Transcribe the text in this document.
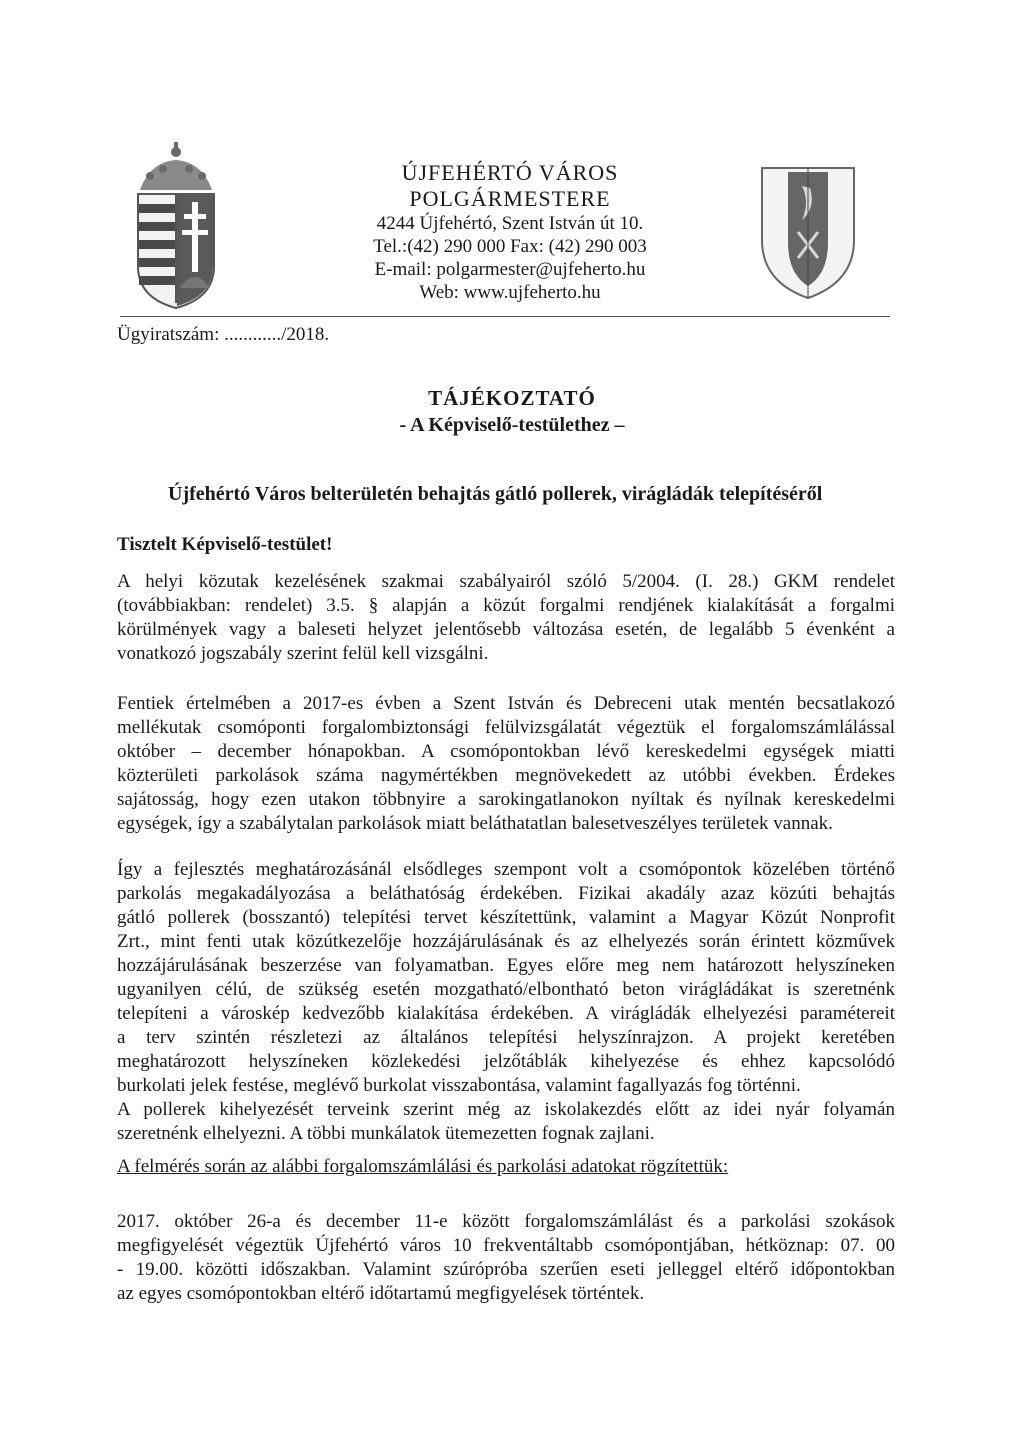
ÚJFEHÉRTÓ VÁROS
POLGÁRMESTERE
4244 Újfehértó, Szent István út 10.
Tel.:(42) 290 000 Fax: (42) 290 003
E-mail: polgarmester@ujfeherto.hu
Web: www.ujfeherto.hu
Ügyiratszám: ............/2018.
TÁJÉKOZTATÓ
- A Képviselő-testülethez –
Újfehértó Város belterületén behajtás gátló pollerek, virágládák telepítéséről
Tisztelt Képviselő-testület!
A helyi közutak kezelésének szakmai szabályairól szóló 5/2004. (I. 28.) GKM rendelet
(továbbiakban: rendelet) 3.5. § alapján a közút forgalmi rendjének kialakítását a forgalmi
körülmények vagy a baleseti helyzet jelentősebb változása esetén, de legalább 5 évenként a
vonatkozó jogszabály szerint felül kell vizsgálni.
Fentiek értelmében a 2017-es évben a Szent István és Debreceni utak mentén becsatlakozó
mellékutak csomóponti forgalombiztonsági felülvizsgálatát végeztük el forgalomszámlálással
október – december hónapokban. A csomópontokban lévő kereskedelmi egységek miatti
közterületi parkolások száma nagymértékben megnövekedett az utóbbi években. Érdekes
sajátosság, hogy ezen utakon többnyire a sarokingatlanokon nyíltak és nyílnak kereskedelmi
egységek, így a szabálytalan parkolások miatt beláthatatlan balesetveszélyes területek vannak.
Így a fejlesztés meghatározásánál elsődleges szempont volt a csomópontok közelében történő
parkolás megakadályozása a beláthatóság érdekében. Fizikai akadály azaz közúti behajtás
gátló pollerek (bosszantó) telepítési tervet készítettünk, valamint a Magyar Közút Nonprofit
Zrt., mint fenti utak közútkezelője hozzájárulásának és az elhelyezés során érintett közművek
hozzájárulásának beszerzése van folyamatban. Egyes előre meg nem határozott helyszíneken
ugyanilyen célú, de szükség esetén mozgatható/elbontható beton virágládákat is szeretnénk
telepíteni a városkép kedvezőbb kialakítása érdekében. A virágládák elhelyezési paramétereit
a terv szintén részletezi az általános telepítési helyszínrajzon. A projekt keretében
meghatározott helyszíneken közlekedési jelzőtáblák kihelyezése és ehhez kapcsolódó
burkolati jelek festése, meglévő burkolat visszabontása, valamint fagallyazás fog történni.
A pollerek kihelyezését terveink szerint még az iskolakezdés előtt az idei nyár folyamán
szeretnénk elhelyezni. A többi munkálatok ütemezetten fognak zajlani.
A felmérés során az alábbi forgalomszámlálási és parkolási adatokat rögzítettük:
2017. október 26-a és december 11-e között forgalomszámlálást és a parkolási szokások
megfigyelését végeztük Újfehértó város 10 frekventáltabb csomópontjában, hétköznap: 07. 00
- 19.00. közötti időszakban. Valamint szúrópróba szerűen eseti jelleggel eltérő időpontokban
az egyes csomópontokban eltérő időtartamú megfigyelések történtek.
